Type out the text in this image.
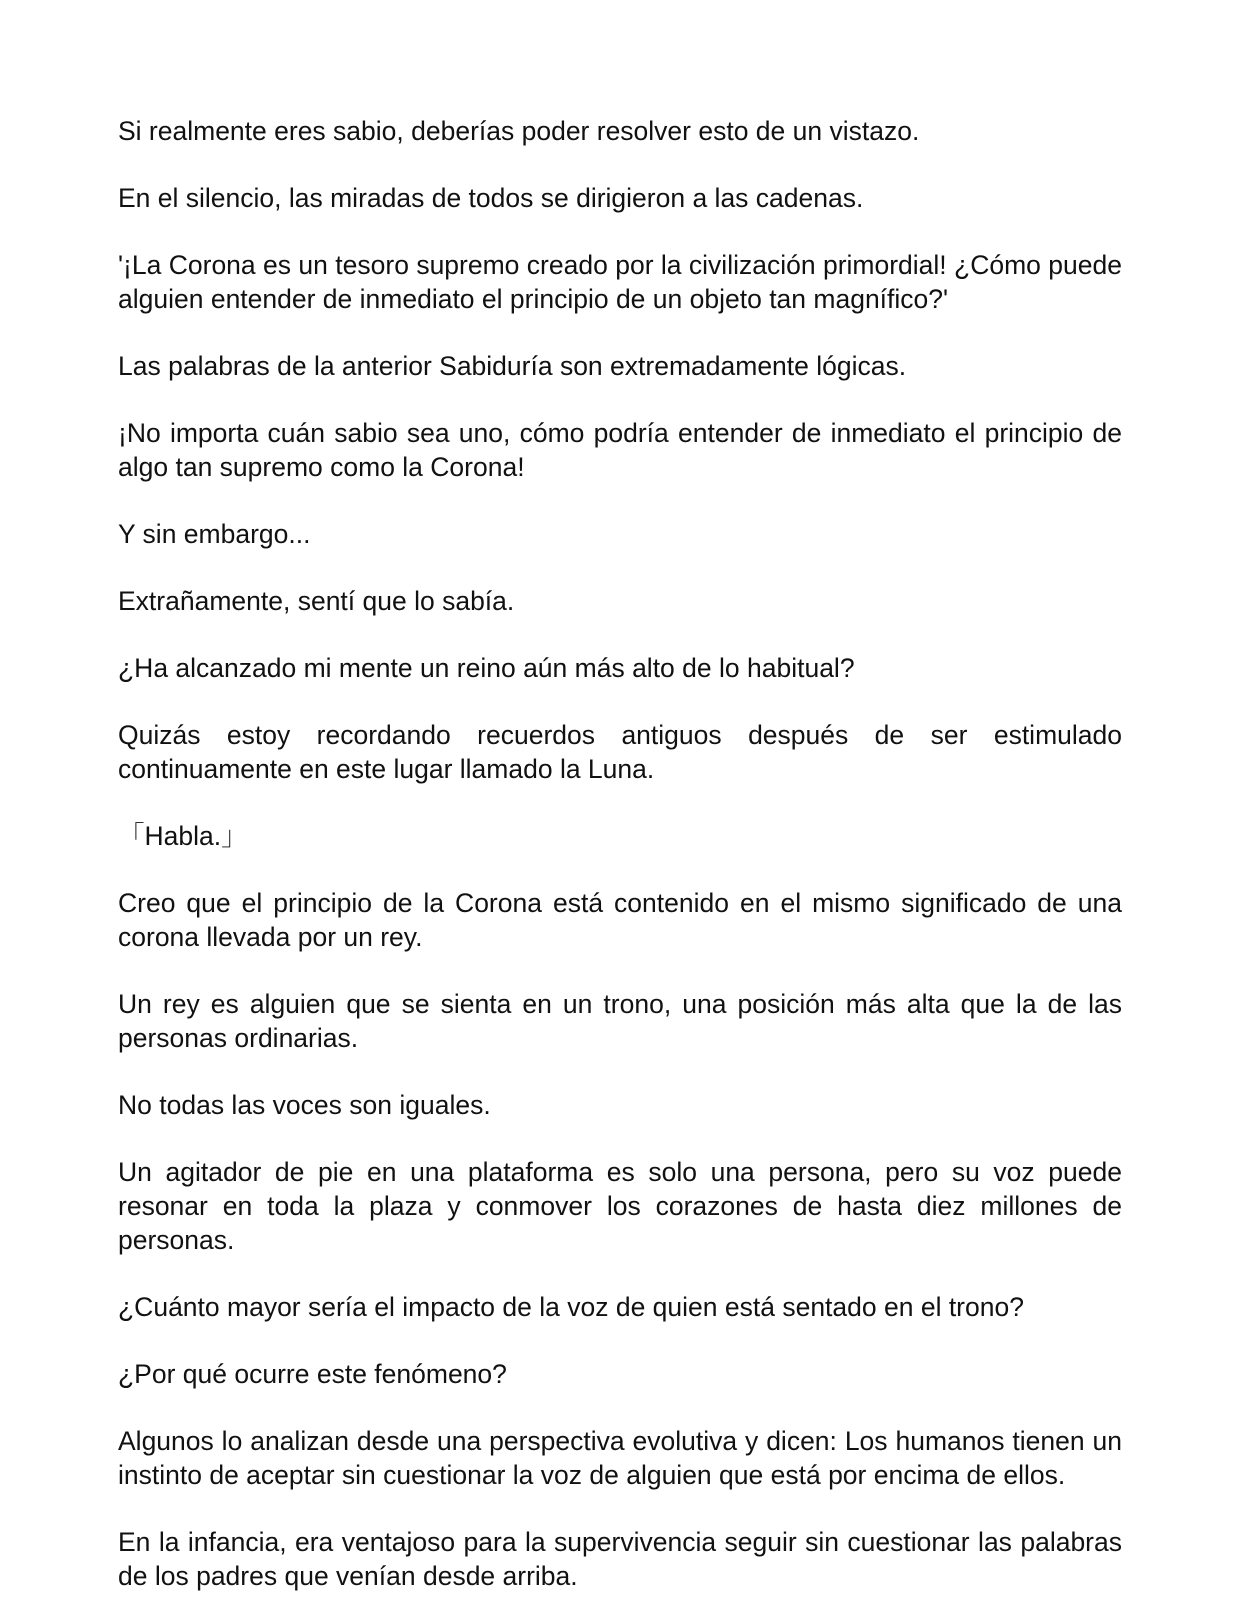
Si realmente eres sabio, deberías poder resolver esto de un vistazo.

En el silencio, las miradas de todos se dirigieron a las cadenas.

'¡La Corona es un tesoro supremo creado por la civilización primordial! ¿Cómo puede alguien entender de inmediato el principio de un objeto tan magnífico?'

Las palabras de la anterior Sabiduría son extremadamente lógicas.

¡No importa cuán sabio sea uno, cómo podría entender de inmediato el principio de algo tan supremo como la Corona!

Y sin embargo...

Extrañamente, sentí que lo sabía.

¿Ha alcanzado mi mente un reino aún más alto de lo habitual?

Quizás estoy recordando recuerdos antiguos después de ser estimulado continuamente en este lugar llamado la Luna.

「Habla.」

Creo que el principio de la Corona está contenido en el mismo significado de una corona llevada por un rey.

Un rey es alguien que se sienta en un trono, una posición más alta que la de las personas ordinarias.

No todas las voces son iguales.

Un agitador de pie en una plataforma es solo una persona, pero su voz puede resonar en toda la plaza y conmover los corazones de hasta diez millones de personas.

¿Cuánto mayor sería el impacto de la voz de quien está sentado en el trono?

¿Por qué ocurre este fenómeno?

Algunos lo analizan desde una perspectiva evolutiva y dicen: Los humanos tienen un instinto de aceptar sin cuestionar la voz de alguien que está por encima de ellos.

En la infancia, era ventajoso para la supervivencia seguir sin cuestionar las palabras de los padres que venían desde arriba.
